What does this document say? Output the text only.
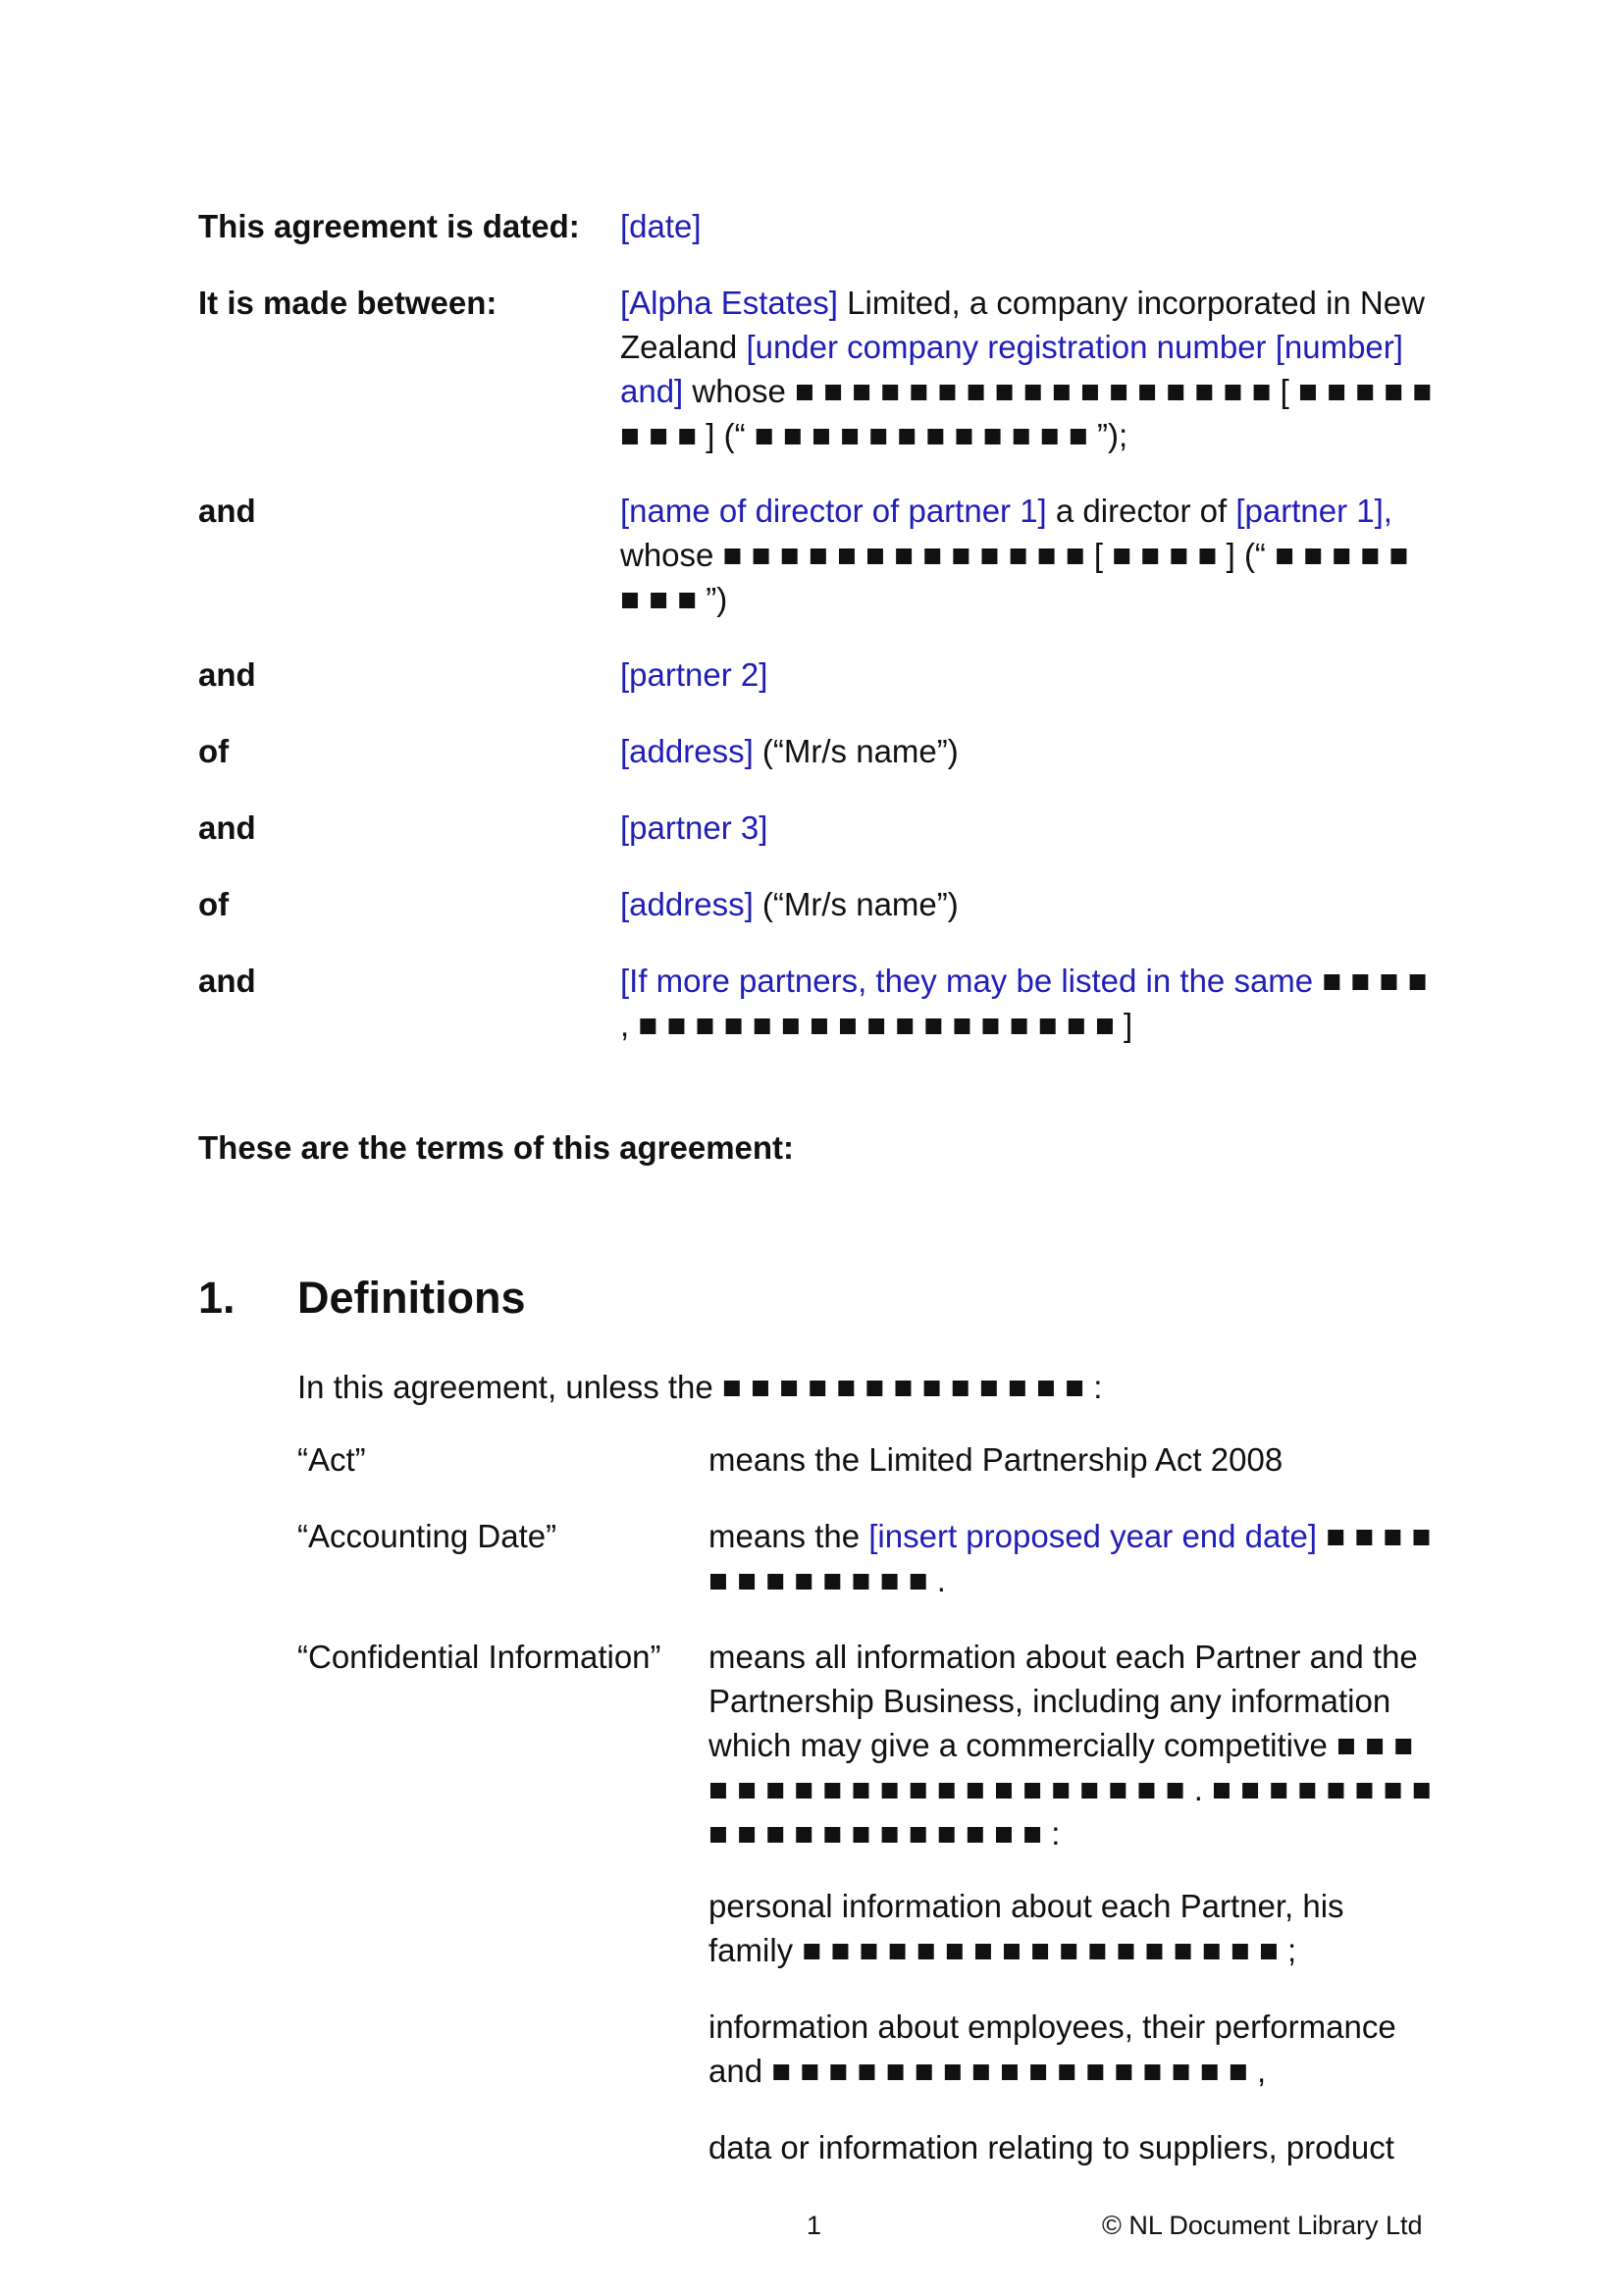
This agreement is dated:	[date]
It is made between:	[Alpha Estates] Limited, a company incorporated in New Zealand [under company registration number [number] and] whose ■ ■ ■ ■ ■ ■ ■ ■ ■ ■ ■ ■ ■ ■ ■ ■ ■ [ ■ ■ ■ ■ ■ ■ ■ ■ ] (“ ■ ■ ■ ■ ■ ■ ■ ■ ■ ■ ■ ■ ”);
and	[name of director of partner 1] a director of [partner 1], whose ■ ■ ■ ■ ■ ■ ■ ■ ■ ■ ■ ■ ■ [ ■ ■ ■ ■ ] (“ ■ ■ ■ ■ ■ ■ ■ ■ ”)
and	[partner 2]
of	[address] (“Mr/s name”)
and	[partner 3]
of	[address] (“Mr/s name”)
and	[If more partners, they may be listed in the same ■ ■ ■ ■ , ■ ■ ■ ■ ■ ■ ■ ■ ■ ■ ■ ■ ■ ■ ■ ■ ■ ]
These are the terms of this agreement:
1.	Definitions
In this agreement, unless the ■ ■ ■ ■ ■ ■ ■ ■ ■ ■ ■ ■ ■ :
“Act”	means the Limited Partnership Act 2008
“Accounting Date”	means the [insert proposed year end date] ■ ■ ■ ■ ■ ■ ■ ■ ■ ■ ■ ■ .
“Confidential Information”	means all information about each Partner and the Partnership Business, including any information which may give a commercially competitive ■ ■ ■ ■ ■ ■ ■ ■ ■ ■ ■ ■ ■ ■ ■ ■ ■ ■ ■ ■ . ■ ■ ■ ■ ■ ■ ■ ■ ■ ■ ■ ■ ■ ■ ■ ■ ■ ■ ■ ■ :
personal information about each Partner, his family ■ ■ ■ ■ ■ ■ ■ ■ ■ ■ ■ ■ ■ ■ ■ ■ ■ ;
information about employees, their performance and ■ ■ ■ ■ ■ ■ ■ ■ ■ ■ ■ ■ ■ ■ ■ ■ ■ ,
data or information relating to suppliers, product
1	© NL Document Library Ltd
